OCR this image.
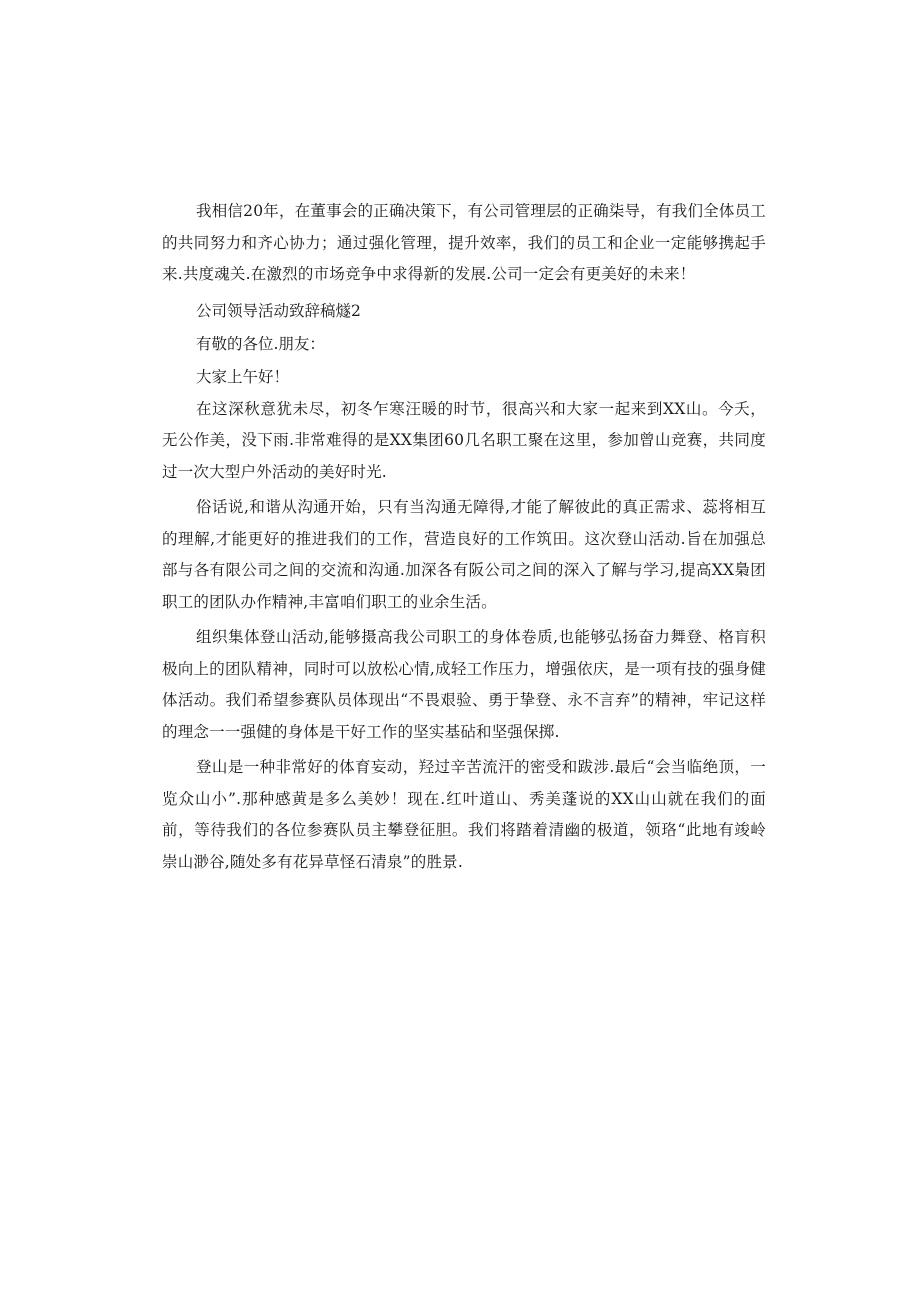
我相信20年，在董事会的正确决策下，有公司管理层的正确柒导，有我们全体员工的共同努力和齐心协力；通过强化管理，提升效率，我们的员工和企业一定能够携起手来.共度魂关.在激烈的市场竞争中求得新的发展.公司一定会有更美好的未来！

公司领导活动致辞稿燧2

有敬的各位.朋友：

大家上午好！

在这深秋意犹未尽，初冬乍寒汪暖的时节，很高兴和大家一起来到XX山。今夭，无公作美，没下雨.非常难得的是XX集团60几名职工聚在这里，参加曾山竞赛，共同度过一次大型户外活动的美好时光.

俗话说,和谐从沟通开始，只有当沟通无障得,才能了解彼此的真正需求、蕊将相互的理解,才能更好的推进我们的工作，营造良好的工作筑田。这次登山活动.旨在加强总部与各有限公司之间的交流和沟通.加深各有阪公司之间的深入了解与学习,提高XX梟团职工的团队办作精神,丰富咱们职工的业余生活。

组织集体登山活动,能够摄高我公司职工的身体卷质,也能够弘扬奋力舞登、格肓积极向上的团队精神，同时可以放松心情,成轻工作压力，增强依庆，是一项有技的强身健体活动。我们希望参赛队员体现出“不畏艰验、勇于挚登、永不言弃”的精神，牢记这样的理念一一强健的身体是干好工作的坚实基砧和坚强保掷.

登山是一种非常好的体育妄动，羟过辛苦流汗的密受和跋涉.最后“会当临绝顶，一览众山小”.那种感黄是多么美妙！现在.红叶道山、秀美蓬说的XX山山就在我们的面前，等待我们的各位参赛队员主攀登征胆。我们将踏着清幽的极道，领珞“此地有竣岭崇山渺谷,随处多有花异草怪石清泉”的胜景.
